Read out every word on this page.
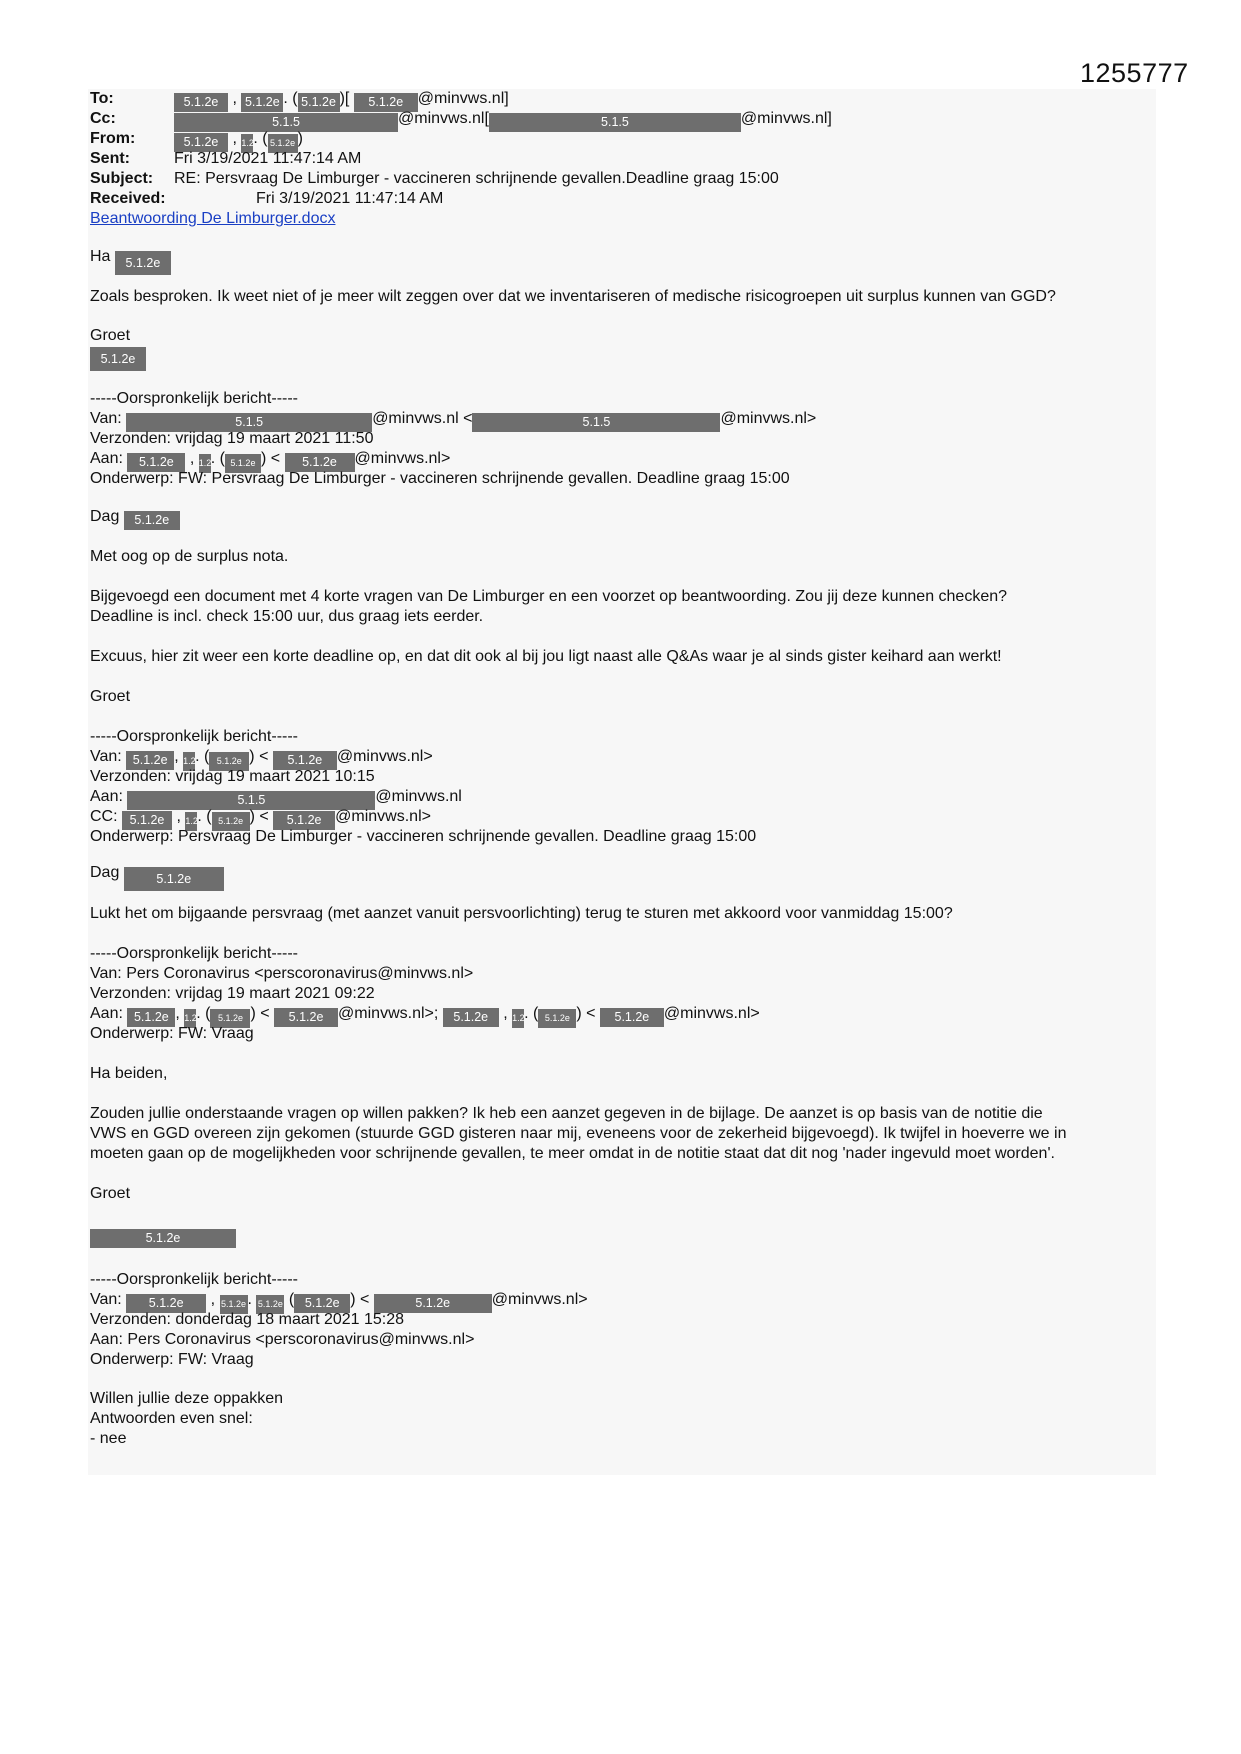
1255777
To:	5.1.2e , 5.1.2e . ( 5.1.2e )[ 5.1.2e @minvws.nl]
Cc:	5.1.5	@minvws.nl[	5.1.5	@minvws.nl]
From:	5.1.2e , 1.2. ( 5.1.2e )
Sent:	Fri 3/19/2021 11:47:14 AM
Subject: RE: Persvraag De Limburger - vaccineren schrijnende gevallen.Deadline graag 15:00
Received:	Fri 3/19/2021 11:47:14 AM
Beantwoording De Limburger.docx
Ha 5.1.2e
Zoals besproken. Ik weet niet of je meer wilt zeggen over dat we inventariseren of medische risicogroepen uit surplus kunnen van GGD?
Groet
5.1.2e
-----Oorspronkelijk bericht-----
Van:	5.1.5	@minvws.nl <	5.1.5	@minvws.nl>
Verzonden: vrijdag 19 maart 2021 11:50
Aan: 5.1.2e , 1.2. ( 5.1.2e ) < 5.1.2e @minvws.nl>
Onderwerp: FW: Persvraag De Limburger - vaccineren schrijnende gevallen. Deadline graag 15:00
Dag 5.1.2e
Met oog op de surplus nota.
Bijgevoegd een document met 4 korte vragen van De Limburger en een voorzet op beantwoording. Zou jij deze kunnen checken?
Deadline is incl. check 15:00 uur, dus graag iets eerder.
Excuus, hier zit weer een korte deadline op, en dat dit ook al bij jou ligt naast alle Q&As waar je al sinds gister keihard aan werkt!
Groet
-----Oorspronkelijk bericht-----
Van: 5.1.2e , 1.2. ( 5.1.2e ) < 5.1.2e @minvws.nl>
Verzonden: vrijdag 19 maart 2021 10:15
Aan:	5.1.5	@minvws.nl
CC: 5.1.2e , 1.2. ( 5.1.2e ) < 5.1.2e @minvws.nl>
Onderwerp: Persvraag De Limburger - vaccineren schrijnende gevallen. Deadline graag 15:00
Dag	5.1.2e
Lukt het om bijgaande persvraag (met aanzet vanuit persvoorlichting) terug te sturen met akkoord voor vanmiddag 15:00?
-----Oorspronkelijk bericht-----
Van: Pers Coronavirus <perscoronavirus@minvws.nl>
Verzonden: vrijdag 19 maart 2021 09:22
Aan: 5.1.2e , 1.2. ( 5.1.2e ) < 5.1.2e @minvws.nl>; 5.1.2e , 1.2. ( 5.1.2e ) < 5.1.2e @minvws.nl>
Onderwerp: FW: Vraag
Ha beiden,
Zouden jullie onderstaande vragen op willen pakken? Ik heb een aanzet gegeven in de bijlage. De aanzet is op basis van de notitie die
VWS en GGD overeen zijn gekomen (stuurde GGD gisteren naar mij, eveneens voor de zekerheid bijgevoegd). Ik twijfel in hoeverre we in
moeten gaan op de mogelijkheden voor schrijnende gevallen, te meer omdat in de notitie staat dat dit nog 'nader ingevuld moet worden'.
Groet
5.1.2e
-----Oorspronkelijk bericht-----
Van: 5.1.2e , 5.1.2e. 5.1.2e ( 5.1.2e ) <	5.1.2e	@minvws.nl>
Verzonden: donderdag 18 maart 2021 15:28
Aan: Pers Coronavirus <perscoronavirus@minvws.nl>
Onderwerp: FW: Vraag
Willen jullie deze oppakken
Antwoorden even snel:
- nee
